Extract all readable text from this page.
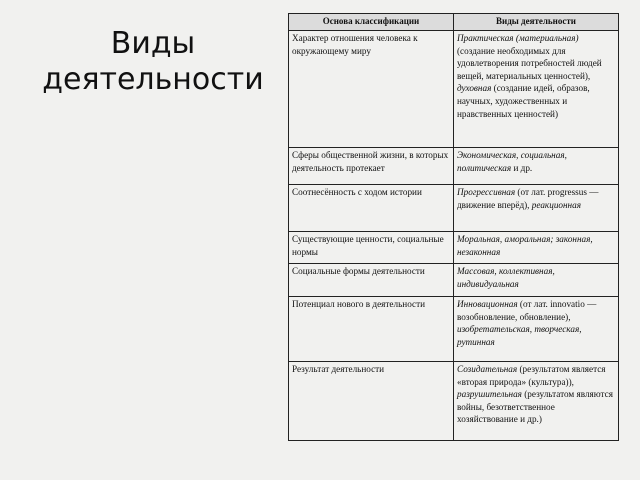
Виды
деятельности
Основа классификации	Виды деятельности
Характер отношения человека к окружающему миру	Практическая (материальная) (создание необходимых для удовлетворения потребностей людей вещей, материальных ценностей), духовная (создание идей, образов, научных, художественных и нравственных ценностей)
Сферы общественной жизни, в которых деятельность протекает	Экономическая, социальная, политическая и др.
Соотнесённость с ходом истории	Прогрессивная (от лат. progressus — движение вперёд), реакционная
Существующие ценности, социальные нормы	Моральная, аморальная; законная, незаконная
Социальные формы деятельности	Массовая, коллективная, индивидуальная
Потенциал нового в деятельности	Инновационная (от лат. innovatio — возобновление, обновление), изобретательская, творческая, рутинная
Результат деятельности	Созидательная (результатом является «вторая природа» (культура)), разрушительная (результатом являются войны, безответственное хозяйствование и др.)
